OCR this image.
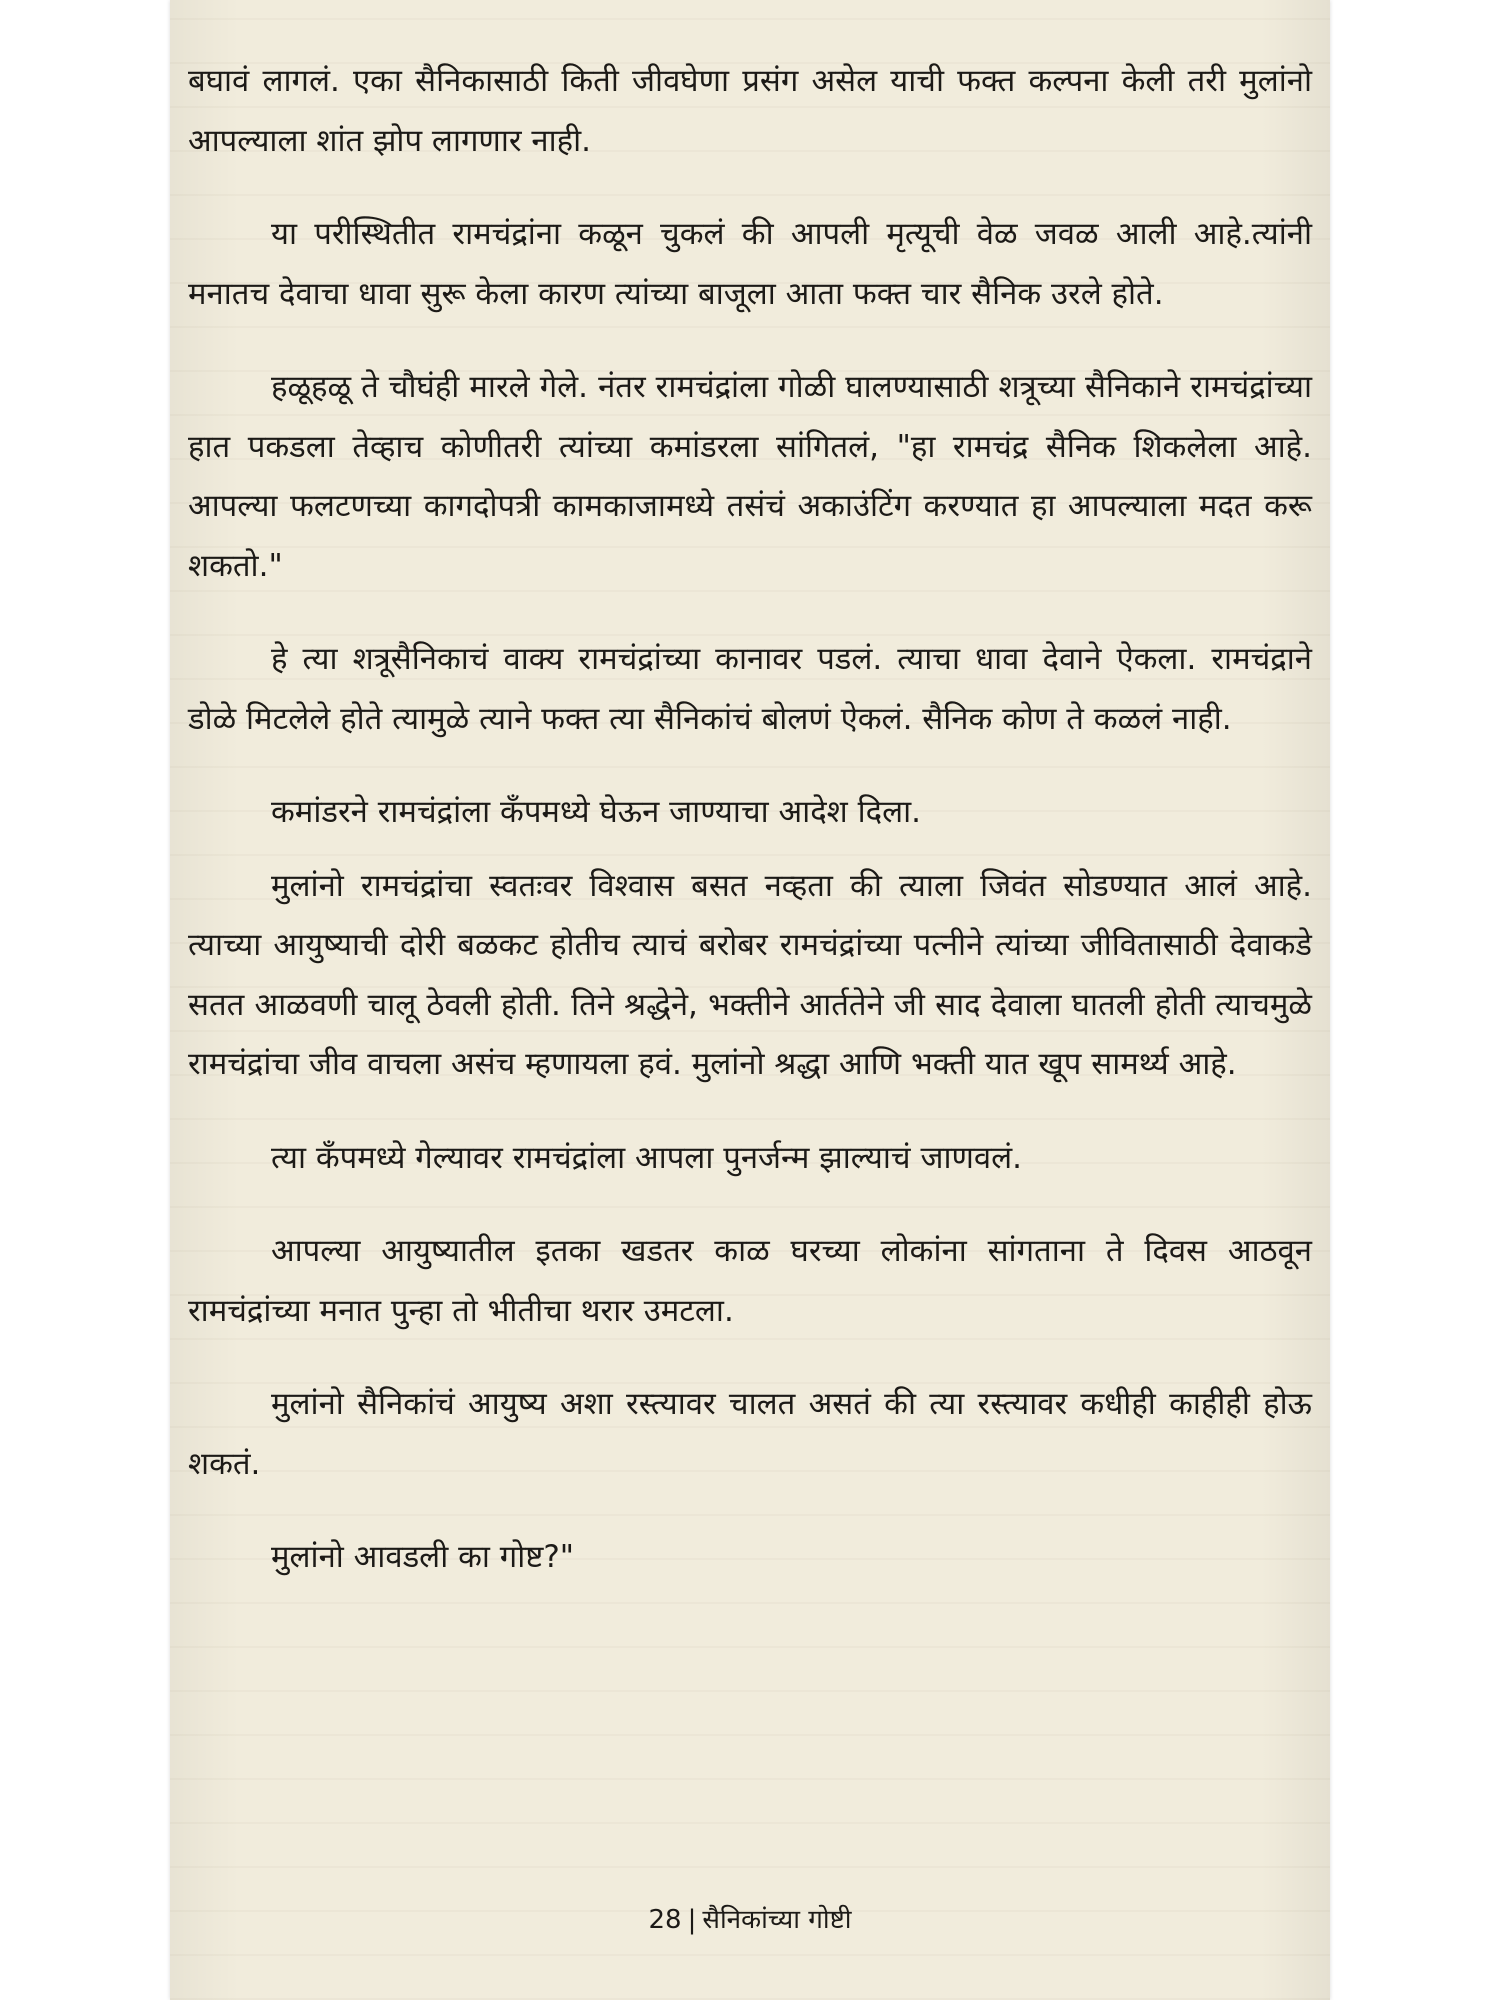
बघावं लागलं. एका सैनिकासाठी किती जीवघेणा प्रसंग असेल याची फक्त कल्पना केली तरी मुलांनो आपल्याला शांत झोप लागणार नाही.

या परीस्थितीत रामचंद्रांना कळून चुकलं की आपली मृत्यूची वेळ जवळ आली आहे.त्यांनी मनातच देवाचा धावा सुरू केला कारण त्यांच्या बाजूला आता फक्त चार सैनिक उरले होते.

हळूहळू ते चौघंही मारले गेले. नंतर रामचंद्रांला गोळी घालण्यासाठी शत्रूच्या सैनिकाने रामचंद्रांच्या हात पकडला तेव्हाच कोणीतरी त्यांच्या कमांडरला सांगितलं, "हा रामचंद्र सैनिक शिकलेला आहे. आपल्या फलटणच्या कागदोपत्री कामकाजामध्ये तसंचं अकाउंटिंग करण्यात हा आपल्याला मदत करू शकतो."

हे त्या शत्रूसैनिकाचं वाक्य रामचंद्रांच्या कानावर पडलं. त्याचा धावा देवाने ऐकला. रामचंद्राने डोळे मिटलेले होते त्यामुळे त्याने फक्त त्या सैनिकांचं बोलणं ऐकलं. सैनिक कोण ते कळलं नाही.

कमांडरने रामचंद्रांला कँपमध्ये घेऊन जाण्याचा आदेश दिला.

मुलांनो रामचंद्रांचा स्वतःवर विश्वास बसत नव्हता की त्याला जिवंत सोडण्यात आलं आहे. त्याच्या आयुष्याची दोरी बळकट होतीच त्याचं बरोबर रामचंद्रांच्या पत्नीने त्यांच्या जीवितासाठी देवाकडे सतत आळवणी चालू ठेवली होती. तिने श्रद्धेने, भक्तीने आर्ततेने जी साद देवाला घातली होती त्याचमुळे रामचंद्रांचा जीव वाचला असंच म्हणायला हवं. मुलांनो श्रद्धा आणि भक्ती यात खूप सामर्थ्य आहे.

त्या कँपमध्ये गेल्यावर रामचंद्रांला आपला पुनर्जन्म झाल्याचं जाणवलं.

आपल्या आयुष्यातील इतका खडतर काळ घरच्या लोकांना सांगताना ते दिवस आठवून रामचंद्रांच्या मनात पुन्हा तो भीतीचा थरार उमटला.

मुलांनो सैनिकांचं आयुष्य अशा रस्त्यावर चालत असतं की त्या रस्त्यावर कधीही काहीही होऊ शकतं.

मुलांनो आवडली का गोष्ट?"

28 | सैनिकांच्या गोष्टी
